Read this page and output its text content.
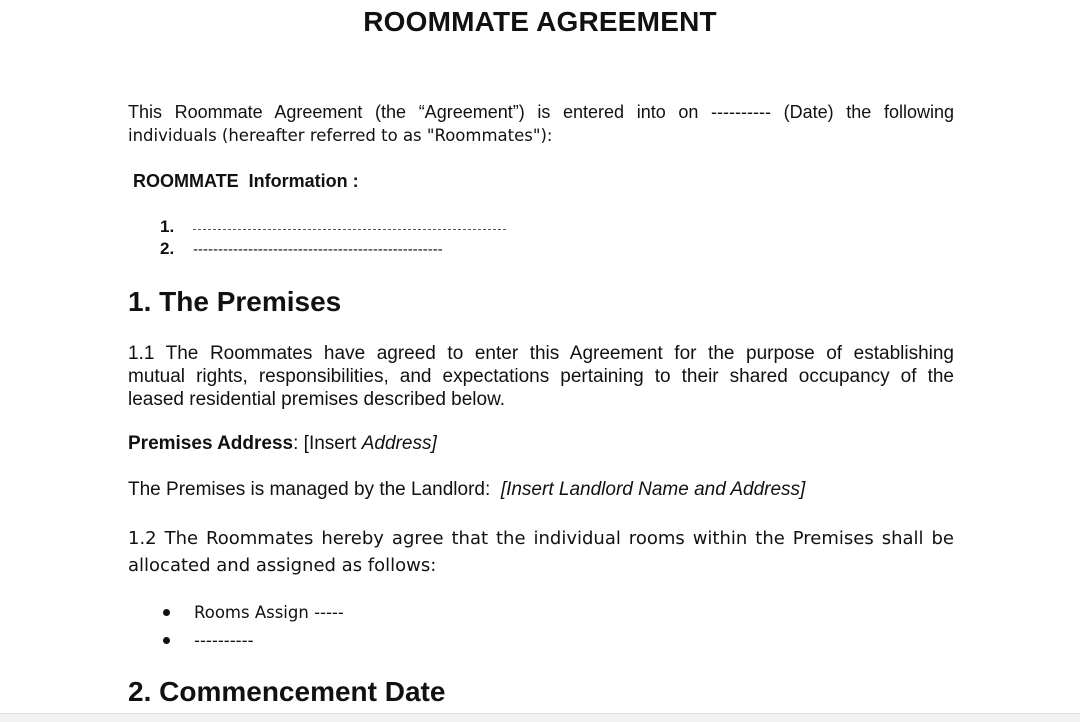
ROOMMATE AGREEMENT
This Roommate Agreement (the “Agreement”) is entered into on ---------- (Date) the following
individuals (hereafter referred to as "Roommates"):
ROOMMATE  Information :
1.
2.	--------------------------------------------------
1. The Premises
1.1 The Roommates have agreed to enter this Agreement for the purpose of establishing
mutual rights, responsibilities, and expectations pertaining to their shared occupancy of the
leased residential premises described below.
Premises Address: [Insert Address]
The Premises is managed by the Landlord:  [Insert Landlord Name and Address]
1.2 The Roommates hereby agree that the individual rooms within the Premises shall be
allocated and assigned as follows:
Rooms Assign -----
----------
2. Commencement Date
